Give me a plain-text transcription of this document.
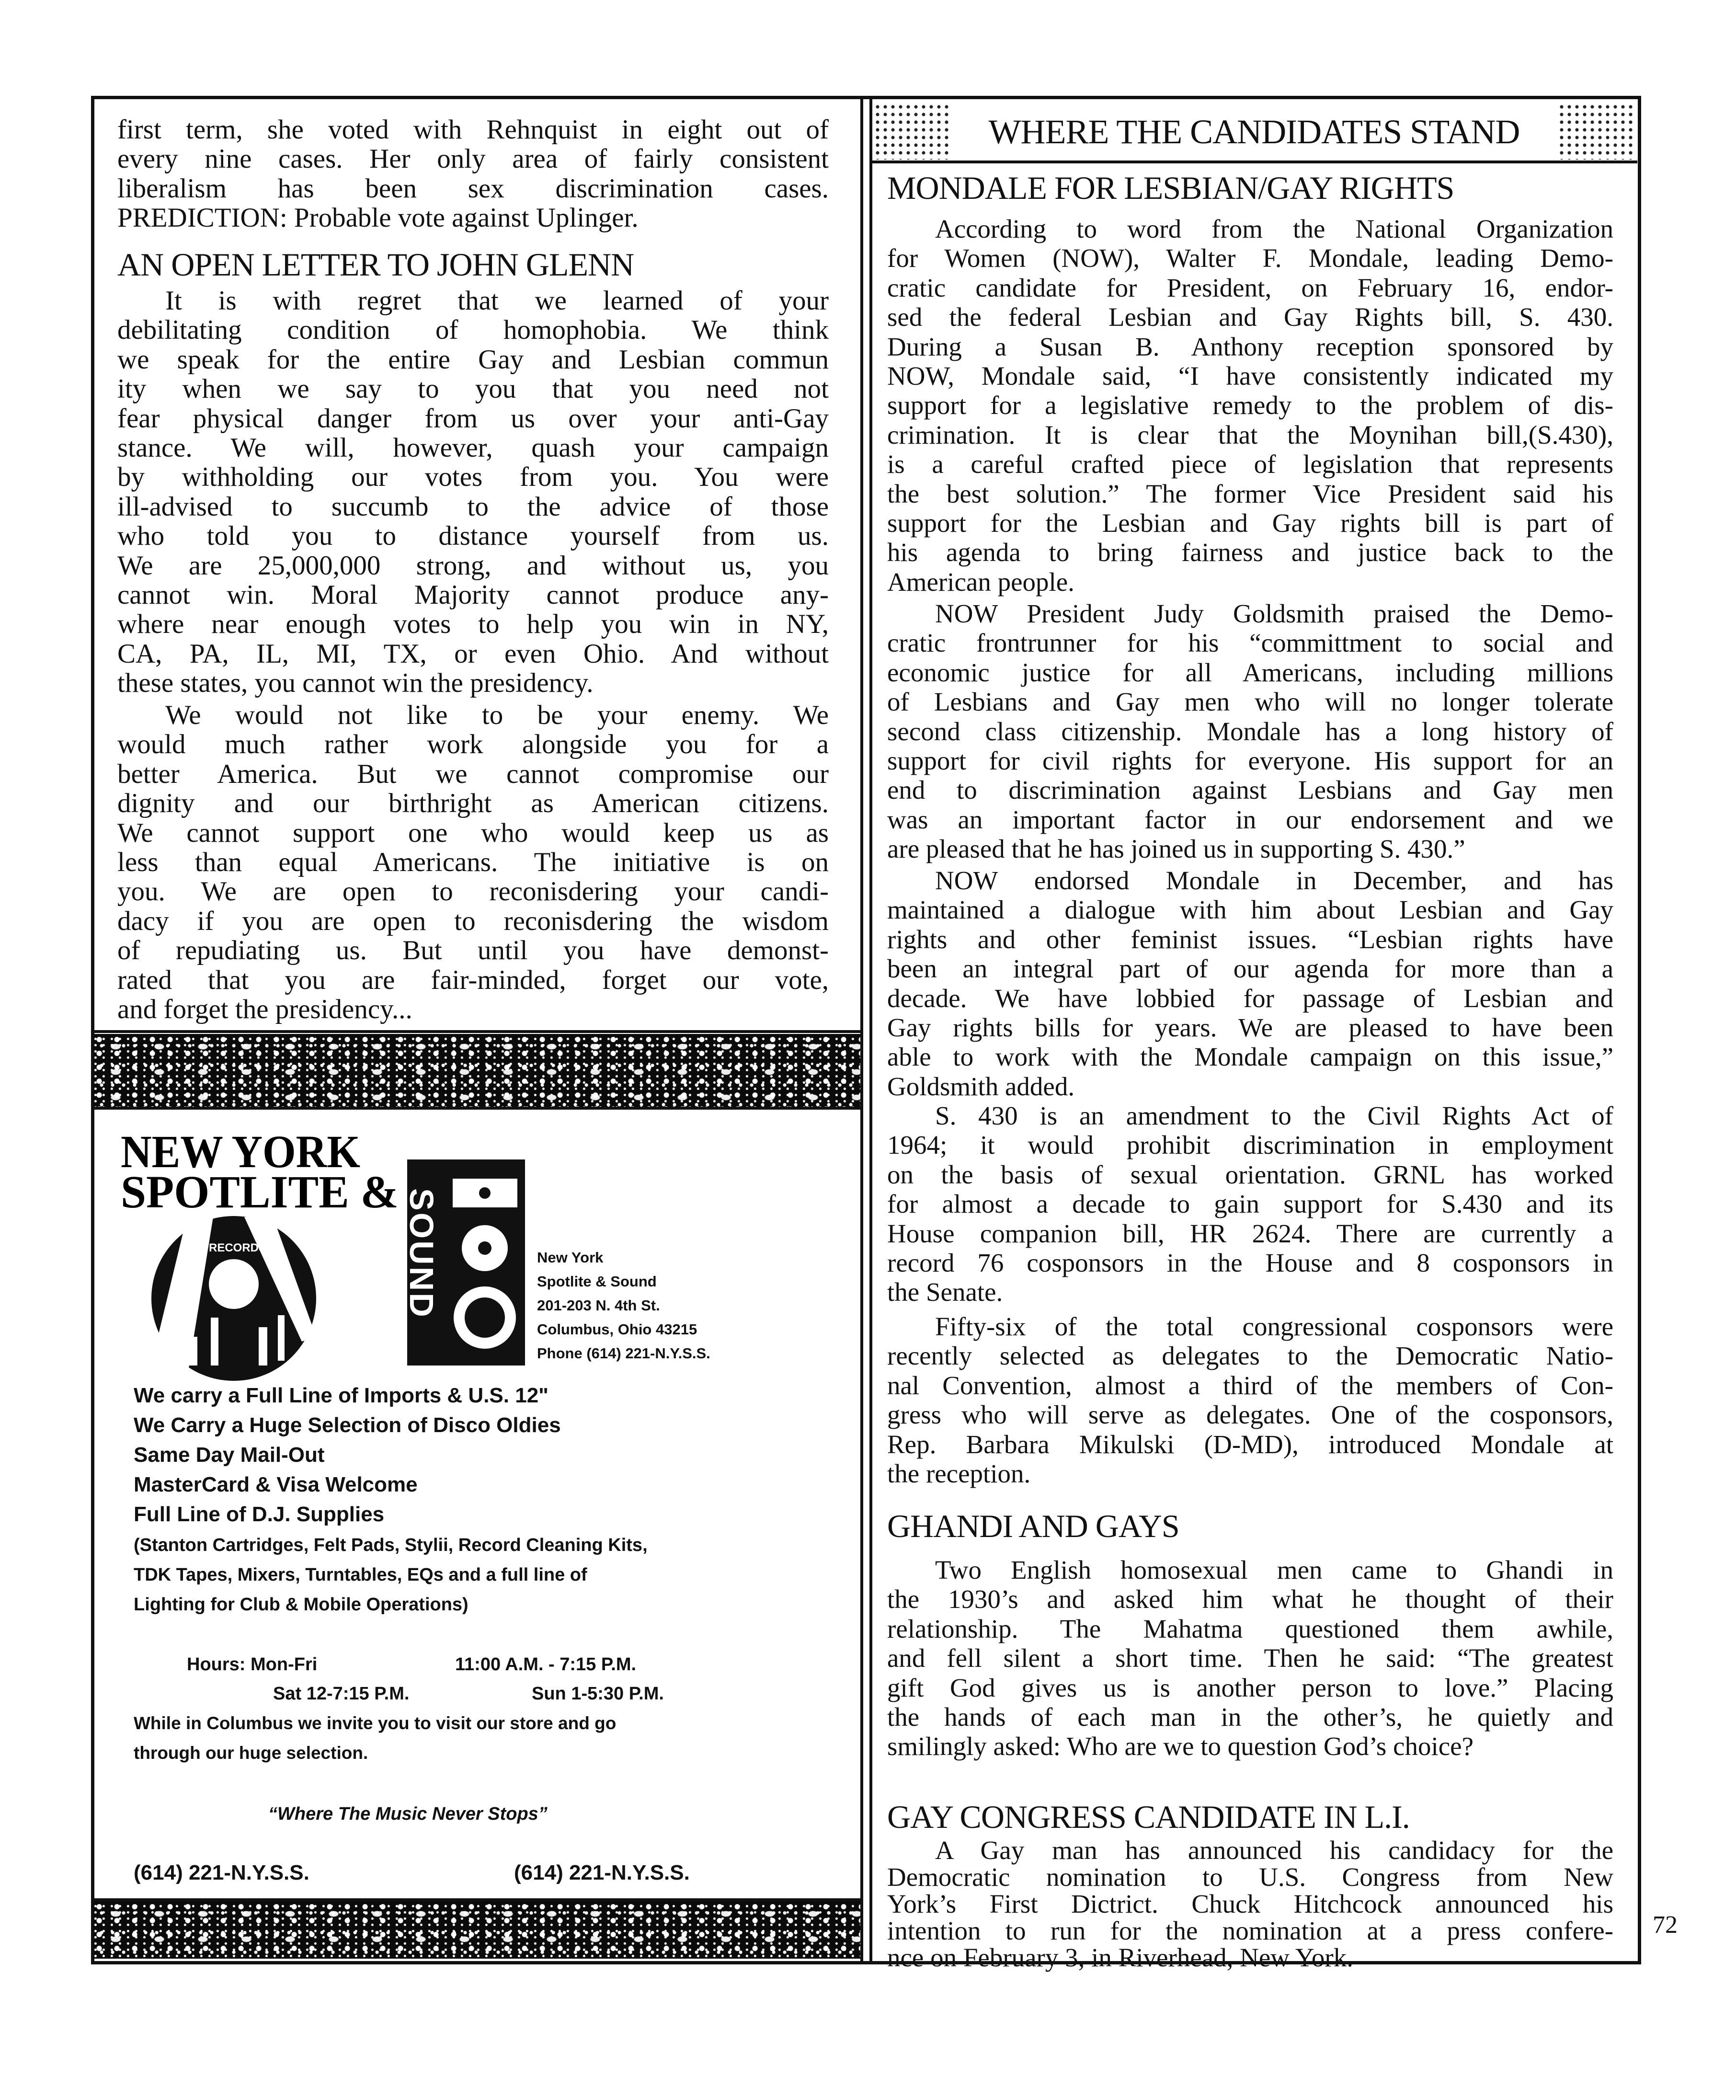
WHERE THE CANDIDATES STAND
first term, she voted with Rehnquist in eight out of
every nine cases. Her only area of fairly consistent
liberalism has been sex discrimination cases.
PREDICTION: Probable vote against Uplinger.
AN OPEN LETTER TO JOHN GLENN
It is with regret that we learned of your
debilitating condition of homophobia. We think
we speak for the entire Gay and Lesbian commun
ity when we say to you that you need not
fear physical danger from us over your anti-Gay
stance. We will, however, quash your campaign
by withholding our votes from you. You were
ill-advised to succumb to the advice of those
who told you to distance yourself from us.
We are 25,000,000 strong, and without us, you
cannot win. Moral Majority cannot produce any-
where near enough votes to help you win in NY,
CA, PA, IL, MI, TX, or even Ohio. And without
these states, you cannot win the presidency.
We would not like to be your enemy. We
would much rather work alongside you for a
better America. But we cannot compromise our
dignity and our birthright as American citizens.
We cannot support one who would keep us as
less than equal Americans. The initiative is on
you. We are open to reconisdering your candi-
dacy if you are open to reconisdering the wisdom
of repudiating us. But until you have demonst-
rated that you are fair-minded, forget our vote,
and forget the presidency...
MONDALE FOR LESBIAN/GAY RIGHTS
According to word from the National Organization
for Women (NOW), Walter F. Mondale, leading Demo-
cratic candidate for President, on February 16, endor-
sed the federal Lesbian and Gay Rights bill, S. 430.
During a Susan B. Anthony reception sponsored by
NOW, Mondale said, “I have consistently indicated my
support for a legislative remedy to the problem of dis-
crimination. It is clear that the Moynihan bill,(S.430),
is a careful crafted piece of legislation that represents
the best solution.” The former Vice President said his
support for the Lesbian and Gay rights bill is part of
his agenda to bring fairness and justice back to the
American people.
NOW President Judy Goldsmith praised the Demo-
cratic frontrunner for his “committment to social and
economic justice for all Americans, including millions
of Lesbians and Gay men who will no longer tolerate
second class citizenship. Mondale has a long history of
support for civil rights for everyone. His support for an
end to discrimination against Lesbians and Gay men
was an important factor in our endorsement and we
are pleased that he has joined us in supporting S. 430.”
NOW endorsed Mondale in December, and has
maintained a dialogue with him about Lesbian and Gay
rights and other feminist issues. “Lesbian rights have
been an integral part of our agenda for more than a
decade. We have lobbied for passage of Lesbian and
Gay rights bills for years. We are pleased to have been
able to work with the Mondale campaign on this issue,”
Goldsmith added.
S. 430 is an amendment to the Civil Rights Act of
1964; it would prohibit discrimination in employment
on the basis of sexual orientation. GRNL has worked
for almost a decade to gain support for S.430 and its
House companion bill, HR 2624. There are currently a
record 76 cosponsors in the House and 8 cosponsors in
the Senate.
Fifty-six of the total congressional cosponsors were
recently selected as delegates to the Democratic Natio-
nal Convention, almost a third of the members of Con-
gress who will serve as delegates. One of the cosponsors,
Rep. Barbara Mikulski (D-MD), introduced Mondale at
the reception.
GHANDI AND GAYS
Two English homosexual men came to Ghandi in
the 1930’s and asked him what he thought of their
relationship. The Mahatma questioned them awhile,
and fell silent a short time. Then he said: “The greatest
gift God gives us is another person to love.” Placing
the hands of each man in the other’s, he quietly and
smilingly asked: Who are we to question God’s choice?
GAY CONGRESS CANDIDATE IN L.I.
A Gay man has announced his candidacy for the
Democratic nomination to U.S. Congress from New
York’s First Dictrict. Chuck Hitchcock announced his
intention to run for the nomination at a press confere-
nce on February 3, in Riverhead, New York.
RECORDS	SOUND
NEW YORK
SPOTLITE &
New York
Spotlite & Sound
201-203 N. 4th St.
Columbus, Ohio 43215
Phone (614) 221-N.Y.S.S.
We carry a Full Line of Imports & U.S. 12"
We Carry a Huge Selection of Disco Oldies
Same Day Mail-Out
MasterCard & Visa Welcome
Full Line of D.J. Supplies
(Stanton Cartridges, Felt Pads, Stylii, Record Cleaning Kits,
TDK Tapes, Mixers, Turntables, EQs and a full line of
Lighting for Club & Mobile Operations)
Hours: Mon-Fri	11:00 A.M. - 7:15 P.M.
Sat 12-7:15 P.M.	Sun 1-5:30 P.M.
While in Columbus we invite you to visit our store and go
through our huge selection.
“Where The Music Never Stops”
(614) 221-N.Y.S.S.	(614) 221-N.Y.S.S.
72
